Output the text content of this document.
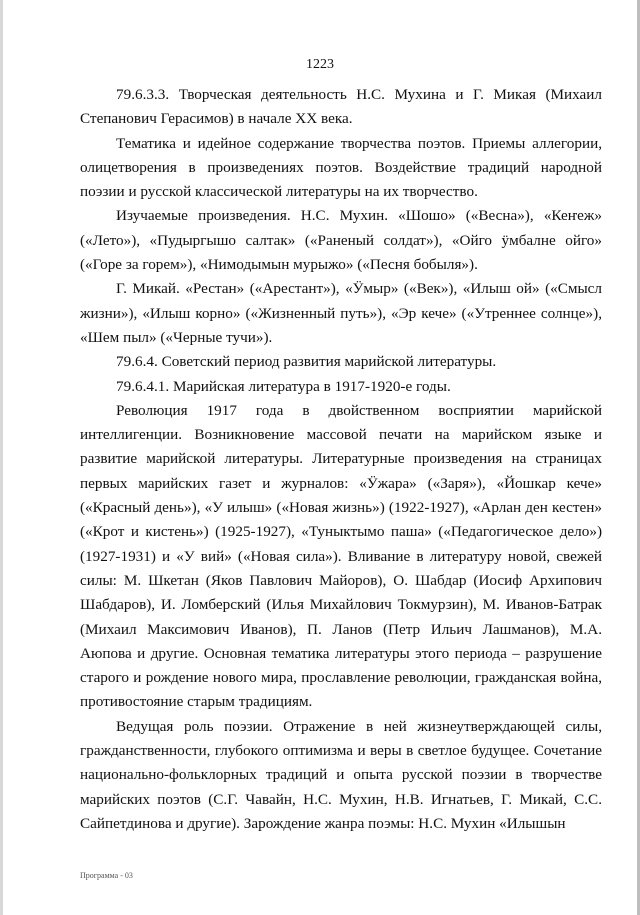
1223

79.6.3.3. Творческая деятельность Н.С. Мухина и Г. Микая (Михаил Степанович Герасимов) в начале XX века.

Тематика и идейное содержание творчества поэтов. Приемы аллегории, олицетворения в произведениях поэтов. Воздействие традиций народной поэзии и русской классической литературы на их творчество.

Изучаемые произведения. Н.С. Мухин. «Шошо» («Весна»), «Кеҥеж» («Лето»), «Пудыргышо салтак» («Раненый солдат»), «Ойго ӱмбалне ойго» («Горе за горем»), «Нимодымын мурыжо» («Песня бобыля»).

Г. Микай. «Рестан» («Арестант»), «Ӱмыр» («Век»), «Илыш ой» («Смысл жизни»), «Илыш корно» («Жизненный путь»), «Эр кече» («Утреннее солнце»), «Шем пыл» («Черные тучи»).

79.6.4. Советский период развития марийской литературы.

79.6.4.1. Марийская литература в 1917-1920-е годы.

Революция 1917 года в двойственном восприятии марийской интеллигенции. Возникновение массовой печати на марийском языке и развитие марийской литературы. Литературные произведения на страницах первых марийских газет и журналов: «Ӱжара» («Заря»), «Йошкар кече» («Красный день»), «У илыш» («Новая жизнь») (1922-1927), «Арлан ден кестен» («Крот и кистень») (1925-1927), «Туныктымо паша» («Педагогическое дело») (1927-1931) и «У вий» («Новая сила»). Вливание в литературу новой, свежей силы: М. Шкетан (Яков Павлович Майоров), О. Шабдар (Иосиф Архипович Шабдаров), И. Ломберский (Илья Михайлович Токмурзин), М. Иванов-Батрак (Михаил Максимович Иванов), П. Ланов (Петр Ильич Лашманов), М.А. Аюпова и другие. Основная тематика литературы этого периода – разрушение старого и рождение нового мира, прославление революции, гражданская война, противостояние старым традициям.

Ведущая роль поэзии. Отражение в ней жизнеутверждающей силы, гражданственности, глубокого оптимизма и веры в светлое будущее. Сочетание национально-фольклорных традиций и опыта русской поэзии в творчестве марийских поэтов (С.Г. Чавайн, Н.С. Мухин, Н.В. Игнатьев, Г. Микай, С.С. Сайпетдинова и другие). Зарождение жанра поэмы: Н.С. Мухин «Илышын

Программа - 03
